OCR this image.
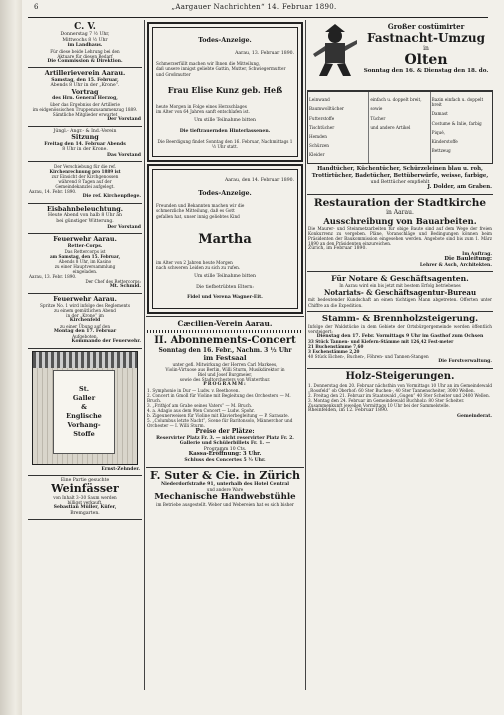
6	„Aargauer Nachrichten“ 14. Februar 1890.

C. V.

Donnerstag 7 ½ Uhr,

Mittwochs 8 ½ Uhr

im Landhaus.

Für diese beide Lehrung bei den

Aktuare für diesen Bedarf

Die Commission & Direktion.

Artillerieverein Aarau.

Samstag, den 15. Februar,

Abends 8 Uhr in der „Krone“.

Vortrag

des Hrn. General Herzog,

über das Ergebniss der Artillerie

im eidgenössischen Truppenzusammenzug 1889.

Sämtliche Mitglieder erwartet

Der Vorstand

Jüngl.- Angr.- & Ind.-Verein

Sitzung

Freitag den 14. Februar Abends

8 Uhr in der Krone.

Das Vorstand

Der Verschiebung für die ref.

Kirchenrechnung pro 1889 ist

zur Einsicht der Kirchgenossen

während 8 Tagen auf der

Gemeindekanzlei aufgelegt.

Aarau, 14. Febr. 1890.

Die ref. Kirchenpflege.

Eisbahnbeleuchtung.

Heute Abend von halb 8 Uhr an

bei günstiger Witterung.

Der Vorstand

Feuerwehr Aarau.

Retter-Corps.

Das Rettercorps ist

am Samstag, den 15. Februar,

Abends 8 Uhr, im Kasino

zu einer Hauptversammlung

eingeladen.

Aarau, 13. Febr. 1890.

Der Chef des Rettercorps:

Mt. Schmid.

Feuerwehr Aarau.

Spritze No. 1 wird infolge des Reglements

zu einem gemütlichen Abend

in der „Krone“ im

Kirchenfeld

zu einer Übung auf den

Montag den 17. Februar

Aufgeboten.

Kommando der Feuerwehr.

St.
Galler
&
Englische
Vorhang-
Stoffe
Ernst-Zehnder.

Eine Partie gesuchte

Weinfässer

von Inhalt 3–30 Saum werden

billigst verkauft.

Sebastian Müller, Küfer,

Bremgarten.

Todes-Anzeige.

Aarau, 13. Februar 1890.

Schmerzerfüllt machen wir Ihnen die Mitteilung,

daß unsere innigst geliebte Gattin, Mutter, Schwiegermutter

und Großmutter

Frau Elise Kunz geb. Heß

heute Morgen in Folge eines Herzschlages

im Alter von 64 Jahren sanft entschlafen ist.

Um stille Teilnahme bitten

Die tieftrauernden Hinterlassenen.

Die Beerdigung findet Sonntag den 16. Februar, Nachmittags 1 ½ Uhr statt.

Aarau, den 14. Februar 1890.

Todes-Anzeige.

Freunden und Bekannten machen wir die

schmerzliche Mitteilung, daß es Gott

gefallen hat, unser innig geliebtes Kind

Martha

im Alter von 2 Jahren heute Morgen

nach schweren Leiden zu sich zu rufen.

Um stille Teilnahme bitten

Die tiefbetrübten Eltern:

Fidel und Verena Wagner-Eit.

Cæcilien-Verein Aarau.

II. Abonnements-Concert

Sonntag den 16. Febr., Nachm. 3 ½ Uhr

im Festsaal

unter gefl. Mitwirkung der Herren Carl Markees,

Violin-Virtuose aus Berlin, Willi Sturm, Musikdirektor in

Biel und Josef Burgmeier,

sowie des Stadtorchesters von Winterthur.

PROGRAMM:

1. Symphonie in Dur — Ludw. v. Beethoven.

2. Concert in Gmoll für Violine mit Begleitung des Orchesters — M. Bruch.

3. „Frithjof am Grabe seines Vaters“ — M. Bruch.

4. a. Adagio aus dem 9ten Concert — Ludw. Spohr.

b. Zigeunerweisen für Violine mit Klavierbegleitung — P. Sarasate.

5. „Columbus letzte Nacht“, Scene für Baritonsolo, Männerchor und Orchester — I. Willi Sturm.

Preise der Plätze:

Reservirter Platz Fr. 3. — nicht reservirter Platz Fr. 2.

Gallerie und Schülerbillets Fr. 1. —

Programm 10 Cts.

Kassa-Eröffnung: 3 Uhr.

Schluss des Concertes 5 ½ Uhr.

F. Suter & Cie. in Zürich

Niederdorfstraße 91, unterhalb des Hotel Central

und andere Ware

Mechanische Handwebstühle

im Betriebe ausgestellt. Weber und Webereien hat es sich bisher

Großer costümirter

Fastnacht-Umzug

in

Olten

Sonntag den 16. & Dienstag den 18. do.

Leinwand

Baumwolltücher

Futterstoffe

Tischtücher

Hemden

Schürzen

Kleider

einfach u. doppelt breit,

sowie

Tücher

und andere Artikel

Bazin einfach u. doppelt breit

Damast

Costume & Inlie, farbig

Piqué,

Kinderstoffe

Bettzeug

Handtücher, Küchentücher, Schürzeleinen blau u. roh,

Trottirtücher, Badetücher, Bettüberwürfe, weisse, farbige,

und Betttücher empfiehlt

J. Dolder, am Graben.

Restauration der Stadtkirche

in Aarau.

Ausschreibung von Bauarbeiten.

Die Maurer- und Steinmetzarbeiten für obige Baute sind auf dem Wege der freien Konkurrenz zu vergeben. Pläne, Voranschläge und Bedingungen können beim Präsidenten der Baukommission eingesehen werden. Angebote sind bis zum 1. März 1890 an den Präsidenten einzureichen.

Zürich, im Februar 1890.

Im Auftrag.

Die Bauleitung:

Lehrer & Asch, Architekten.

Für Notare & Geschäftsagenten.

In Aarau wird ein bis jetzt mit bestem Erfolg betriebenes

Notariats- & Geschäftsagentur-Bureau

mit bedeutender Kundschaft an einen tüchtigen Mann abgetreten. Offerten unter Chiffre an die Expedition.

Stamm- & Brennholzsteigerung.

Infolge der Waldstücke in dem Gebiete der Ortsbürgergemeinde werden öffentlich versteigert:

Dienstag den 17. Febr. Vormittags 9 Uhr im Gasthof zum Ochsen

33 Stück Tannen- und Kiefern-Stämme mit 126,42 Fest-meter

21 Buchenstämme 7,60

3 Eschenstämme 2,20

40 Stück Eichen-, Buchen-, Föhren- und Tannen-Stangen

Die Forstverwaltung.

Holz-Steigerungen.

1. Donnerstag den 20. Februar nächsthin von Vormittags 10 Uhr an im Gemeindewald „Rossfeld“ ob Oberhof: 60 Ster Buchen-, 40 Ster Tannenscheiter, 3000 Wellen.

2. Freitag den 21. Februar im Staatswald „Gugen“ 40 Ster Scheiter und 2400 Wellen.

3. Montag den 24. Februar im Gemeindewald Buchholz: 80 Ster Scheiter.

Zusammenkunft jeweilen Vormittags 10 Uhr bei der Sammelstelle.

Rheinfelden, im 12. Februar 1890.

Gemeinderat.
